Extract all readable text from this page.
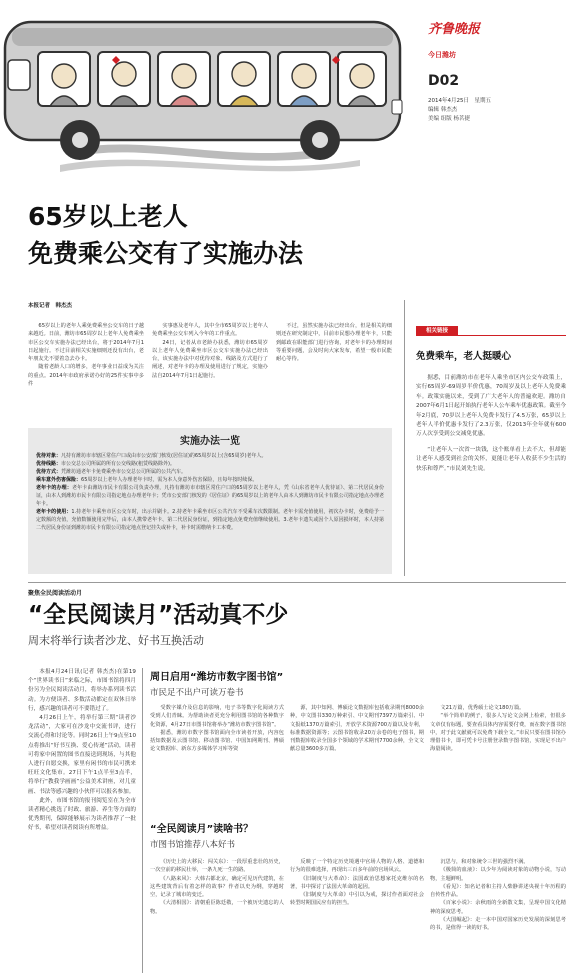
齐鲁晚报
今日潍坊
D02
2014年4月25日　星期五
编辑 韩杰杰
美编 组版 杨茗捷
65岁以上老人
免费乘公交有了实施办法
本报记者　韩杰杰

65岁以上的老年人乘免费乘坐公交车的日子越来越近。日前，潍坊市65周岁以上老年人免费乘坐市区公交车实施办法已经出台，将于2014年7月1日起施行。不过目前相关实施细则还没有出台，老年朋友先不要着急去办卡。

随着老龄人口的增多，老年事业日益成为关注的重点。2014年市政府承诺办好的25件实事中多件

实事惠及老年人，其中全市65周岁以上老年人免费乘坐公交车列入今年的工作重点。

24日，记者从市老龄办获悉，潍坊市65周岁以上老年人免费乘坐市区公交车实施办法已经出台，该实施办法中对优待对象、线路及方式进行了阐述，对老年卡的办理及使用进行了规定，实施办法自2014年7月1日起施行。

不过，虽然实施办法已经出台，但是相关的细则还在研究制定中，目前市民想办理老年卡，只能到邮政在职能部门进行咨询，对老年卡的办理时间等重要问题，会及时向大家发布，希望一般市民能耐心等待。

实施办法一览
优待对象：凡持有潍坊市市辖区常住户口或由市公安部门核发(居住证)的65周岁以上(含65周岁)老年人。
优待线路：市公交总公司所属的所有公交线路(租赁线路除外)。
优待方式：凭潍坊通老年卡免费乘坐市公交总公司所属的公共汽车。
乘车意外伤害保险：65周岁以上老年人办理老年卡时，需为本人身意外伤害保险，且每年按时续保。
老年卡的办理：老年卡由潍坊市民卡有限公司负责办理，凡持有潍坊市市辖区常住户口的65周岁以上老年人，凭《山东省老年人优待证》、第二代居民身份证，由本人到潍坊市民卡有限公司指定地点办理老年卡；凭市公安部门核发的《居住证》的65周岁以上的老年人由本人到潍坊市民卡有限公司指定地点办理老年卡。
老年卡的使用：1.持老年卡乘坐市区公交车时，出示并刷卡。2.持老年卡乘坐市区公共汽车不受乘车次数限制。老年卡需充值使用，初次办卡时，免费给予一定数额的充值，充值数额使用完毕后，由本人携带老年卡、第二代居民身份证，到指定地点免费充值继续使用。3.老年卡遗失或因个人原因损坏时，本人持第二代居民身份证到潍坊市民卡有限公司指定地点登记挂失或补卡，补卡时需缴纳卡工本费。
相关链接
免费乘车，老人挺暖心

据悉，目前潍坊市在老年人乘坐市区内公交车政策上，实行65周岁-69周岁半价优惠，70周岁及以上老年人免费乘车。政策实施以来，受到了广大老年人的普遍欢迎。潍坊自2007年6月1日起开始执行老年人公车乘车优惠政策。截至今年2月底，70岁以上老年人免费卡发行了4.5万张，65岁以上老年人半价优惠卡发行了2.3万张，仅2013年全年就有600万人次享受到公交减免优惠。

“让老年人一次省一块钱，这个账单看上去不大，但却能让老年人感受到社会的关怀，更能让老年人收获不少生活的快乐和尊严。”市民刘先生说。

聚焦全民阅读活动月
“全民阅读月”活动真不少
周末将举行读者沙龙、好书互换活动

本报4月24日讯(记者 韩杰杰)在第19个“世界读书日”来临之际，市图书馆将四月份另为全民阅读活动月，将举办系列读书活动。为方便读者、多数活动都定在双休日举行，感兴趣的读者可不要错过了。

4月26日上午，将举行第三期“读者沙龙活动”，大家可在沙龙中交流书评，进行交流心得和讨论等。同时26日上午9点至10点将推出“好书互换、爱心传递”活动，读者可将家中闲置的图书直接送到现场，与其他人进行自愿交换，家里有闲书的市民可携来旺旺文化集市。27日下午1点半至3点半，将举行“教我学画画”公益美术讲座，对儿童画、书法等感兴趣的小伙伴可以报名参加。

此外，市图书馆的报刊阅览室在为全市读者精心挑选了时政、旅游、养生等方面的优秀期刊，保障能够展示为读者推荐了一批好书，希望对读者阅读有所增益。

周日启用“潍坊市数字图书馆”
市民足不出户可读万卷书

受数字媒介及信息的影响，电子书等数字化阅读方式受到人们青睐。为帮助读者更充分利用图书馆的各种数字化资源，4月27日市图书馆将举办“潍坊市数字图书馆”。

据悉，潍坊市数字图书馆面向全市读者开放，内容包括知数据及云图书馆、移动图书馆、中国知网期刊、博硕论文数据库、新东方多媒体学习库等资

源，其中知网、博硕论文数据库包括收录期刊8000余种，中文图书330万种索引、中文期刊7397万篇索引、中文报纸1370万篇索引，开放学术资源700万篇以及专利，标准数据资源等；云图书馆收录20万余卷的电子图书，期刊数据库收录全国多个领域的学术期刊7700余种，全文文献总量3600多万篇。

文21万篇，优秀硕士论文180万篇。

“举个简单的例子，很多人写论文会网上检索，但很多文章仅有标题，要查看具体内容需要付费，而在数字图书馆中，对于此文献就可以免费下载全文。”市民只要在图书馆办理借书卡，即可凭卡号注册登录数字图书馆，实现足不出户海量阅读。

“全民阅读月”读啥书？
市图书馆推荐八本好书

《历史上的大移民：闯关东》：一段厚重悲壮的历史，一次空前的移民壮举，一条九死一生的路。

《八路来风》：大韩古都北京，确定可见历代建筑，在这些建筑背后有着怎样的故事？作者以史为纲，穿越时空，记录了城市的变迁。

《大清相国》：清朝重臣陈廷敬，一个被历史遗忘的人物。

反映了一个特定历史境遇中官场人物的人格、道德和行为的很难选择，再现出三百多年前的官场风云。

《旧制度与大革命》：法国政治思想家托克维尔的名著，书中探讨了法国大革命的起因。

《旧制度与大革命》中引以为戒，探讨作者面对社会转型时期国民应有的担当。

沉思与，和对象统令三世的强烈不满。

《极简的血液》：以少年为阅读对象的动物小说，写动物，主题鲜明。

《看见》：知名记者和主持人柴静讲述央视十年历程的自传性作品。

《百家小说》：余秋雨的全新散文集，呈现中国文化精神的深度思考。

《大国崛起》：走一本中国对国家历史发展的深刻思考的书，是值得一读的好书。
